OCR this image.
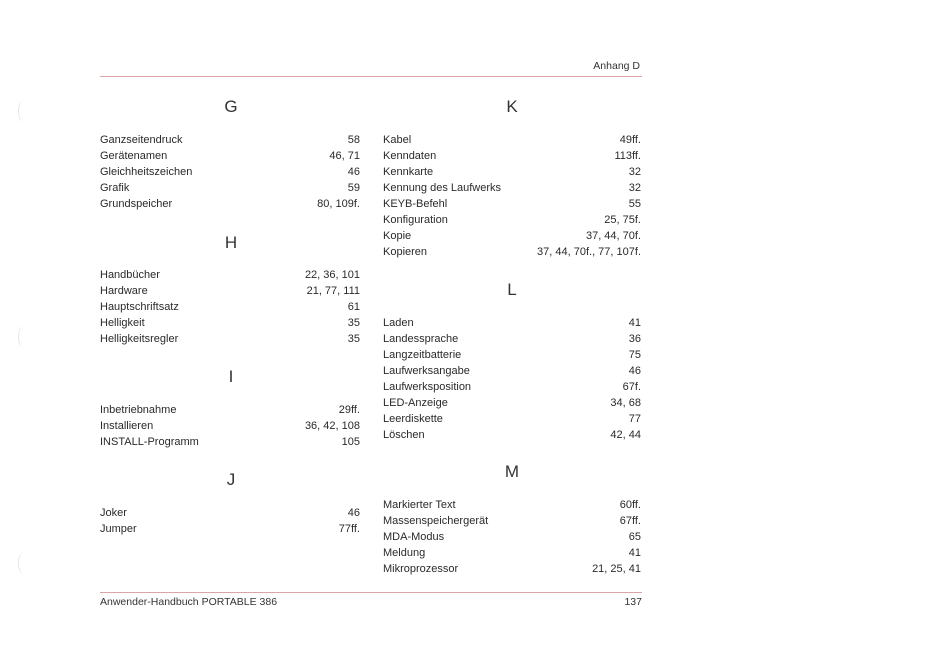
Anhang D
G
Ganzseitendruck	58
Gerätenamen	46, 71
Gleichheitszeichen	46
Grafik	59
Grundspeicher	80, 109f.
H
Handbücher	22, 36, 101
Hardware	21, 77, 111
Hauptschriftsatz	61
Helligkeit	35
Helligkeitsregler	35
I
Inbetriebnahme	29ff.
Installieren	36, 42, 108
INSTALL-Programm	105
J
Joker	46
Jumper	77ff.
K
Kabel	49ff.
Kenndaten	113ff.
Kennkarte	32
Kennung des Laufwerks	32
KEYB-Befehl	55
Konfiguration	25, 75f.
Kopie	37, 44, 70f.
Kopieren	37, 44, 70f., 77, 107f.
L
Laden	41
Landessprache	36
Langzeitbatterie	75
Laufwerksangabe	46
Laufwerksposition	67f.
LED-Anzeige	34, 68
Leerdiskette	77
Löschen	42, 44
M
Markierter Text	60ff.
Massenspeichergerät	67ff.
MDA-Modus	65
Meldung	41
Mikroprozessor	21, 25, 41
Anwender-Handbuch PORTABLE 386	137
